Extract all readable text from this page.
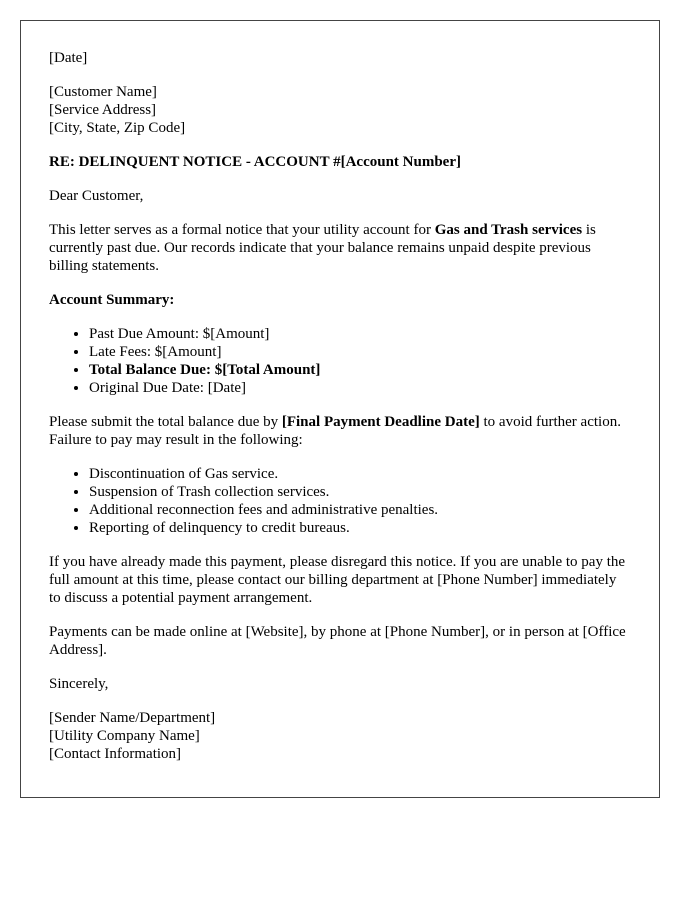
[Date]

[Customer Name]
[Service Address]
[City, State, Zip Code]

RE: DELINQUENT NOTICE - ACCOUNT #[Account Number]

Dear Customer,

This letter serves as a formal notice that your utility account for Gas and Trash services is currently past due. Our records indicate that your balance remains unpaid despite previous billing statements.

Account Summary:

• Past Due Amount: $[Amount]
• Late Fees: $[Amount]
• Total Balance Due: $[Total Amount]
• Original Due Date: [Date]

Please submit the total balance due by [Final Payment Deadline Date] to avoid further action. Failure to pay may result in the following:

• Discontinuation of Gas service.
• Suspension of Trash collection services.
• Additional reconnection fees and administrative penalties.
• Reporting of delinquency to credit bureaus.

If you have already made this payment, please disregard this notice. If you are unable to pay the full amount at this time, please contact our billing department at [Phone Number] immediately to discuss a potential payment arrangement.

Payments can be made online at [Website], by phone at [Phone Number], or in person at [Office Address].

Sincerely,

[Sender Name/Department]
[Utility Company Name]
[Contact Information]
